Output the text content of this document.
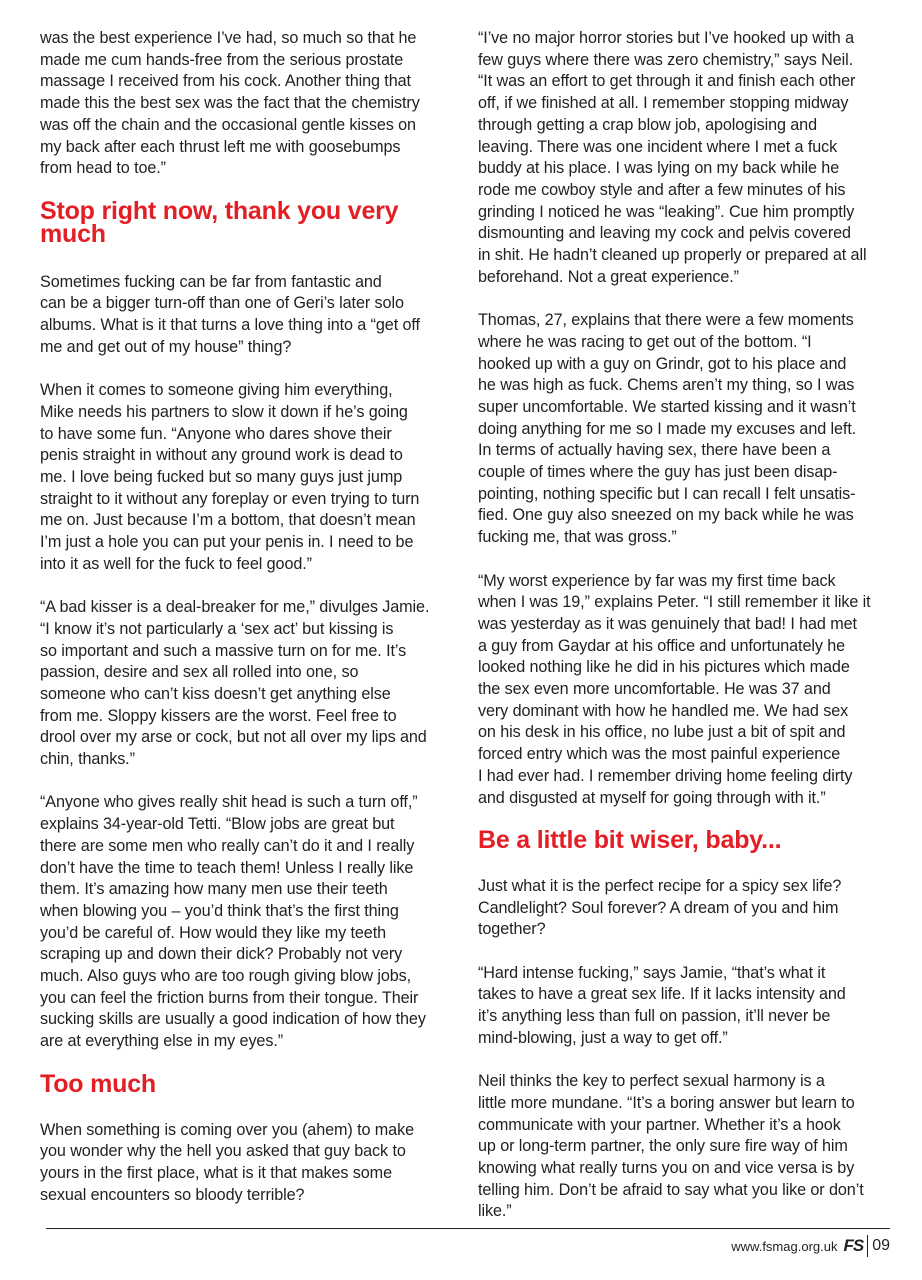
was the best experience I’ve had, so much so that he
made me cum hands-free from the serious prostate
massage I received from his cock. Another thing that
made this the best sex was the fact that the chemistry
was off the chain and the occasional gentle kisses on
my back after each thrust left me with goosebumps
from head to toe.”

Stop right now, thank you very
much

Sometimes fucking can be far from fantastic and
can be a bigger turn-off than one of Geri’s later solo
albums. What is it that turns a love thing into a “get off
me and get out of my house” thing?

When it comes to someone giving him everything,
Mike needs his partners to slow it down if he’s going
to have some fun. “Anyone who dares shove their
penis straight in without any ground work is dead to
me. I love being fucked but so many guys just jump
straight to it without any foreplay or even trying to turn
me on. Just because I’m a bottom, that doesn’t mean
I’m just a hole you can put your penis in. I need to be
into it as well for the fuck to feel good.”

“A bad kisser is a deal-breaker for me,” divulges Jamie.
“I know it’s not particularly a ‘sex act’ but kissing is
so important and such a massive turn on for me. It’s
passion, desire and sex all rolled into one, so
someone who can’t kiss doesn’t get anything else
from me. Sloppy kissers are the worst. Feel free to
drool over my arse or cock, but not all over my lips and
chin, thanks.”

“Anyone who gives really shit head is such a turn off,”
explains 34-year-old Tetti. “Blow jobs are great but
there are some men who really can’t do it and I really
don’t have the time to teach them! Unless I really like
them. It’s amazing how many men use their teeth
when blowing you – you’d think that’s the first thing
you’d be careful of. How would they like my teeth
scraping up and down their dick? Probably not very
much. Also guys who are too rough giving blow jobs,
you can feel the friction burns from their tongue. Their
sucking skills are usually a good indication of how they
are at everything else in my eyes.”

Too much

When something is coming over you (ahem) to make
you wonder why the hell you asked that guy back to
yours in the first place, what is it that makes some
sexual encounters so bloody terrible?

“I’ve no major horror stories but I’ve hooked up with a
few guys where there was zero chemistry,” says Neil.
“It was an effort to get through it and finish each other
off, if we finished at all. I remember stopping midway
through getting a crap blow job, apologising and
leaving. There was one incident where I met a fuck
buddy at his place. I was lying on my back while he
rode me cowboy style and after a few minutes of his
grinding I noticed he was “leaking”. Cue him promptly
dismounting and leaving my cock and pelvis covered
in shit. He hadn’t cleaned up properly or prepared at all
beforehand. Not a great experience.”

Thomas, 27, explains that there were a few moments
where he was racing to get out of the bottom. “I
hooked up with a guy on Grindr, got to his place and
he was high as fuck. Chems aren’t my thing, so I was
super uncomfortable. We started kissing and it wasn’t
doing anything for me so I made my excuses and left.
In terms of actually having sex, there have been a
couple of times where the guy has just been disap-
pointing, nothing specific but I can recall I felt unsatis-
fied. One guy also sneezed on my back while he was
fucking me, that was gross.”

“My worst experience by far was my first time back
when I was 19,” explains Peter. “I still remember it like it
was yesterday as it was genuinely that bad! I had met
a guy from Gaydar at his office and unfortunately he
looked nothing like he did in his pictures which made
the sex even more uncomfortable. He was 37 and
very dominant with how he handled me. We had sex
on his desk in his office, no lube just a bit of spit and
forced entry which was the most painful experience
I had ever had. I remember driving home feeling dirty
and disgusted at myself for going through with it.”

Be a little bit wiser, baby...

Just what it is the perfect recipe for a spicy sex life?
Candlelight? Soul forever? A dream of you and him
together?

“Hard intense fucking,” says Jamie, “that’s what it
takes to have a great sex life. If it lacks intensity and
it’s anything less than full on passion, it’ll never be
mind-blowing, just a way to get off.”

Neil thinks the key to perfect sexual harmony is a
little more mundane. “It’s a boring answer but learn to
communicate with your partner. Whether it’s a hook
up or long-term partner, the only sure fire way of him
knowing what really turns you on and vice versa is by
telling him. Don’t be afraid to say what you like or don’t
like.”

www.fsmag.org.uk FS 09
